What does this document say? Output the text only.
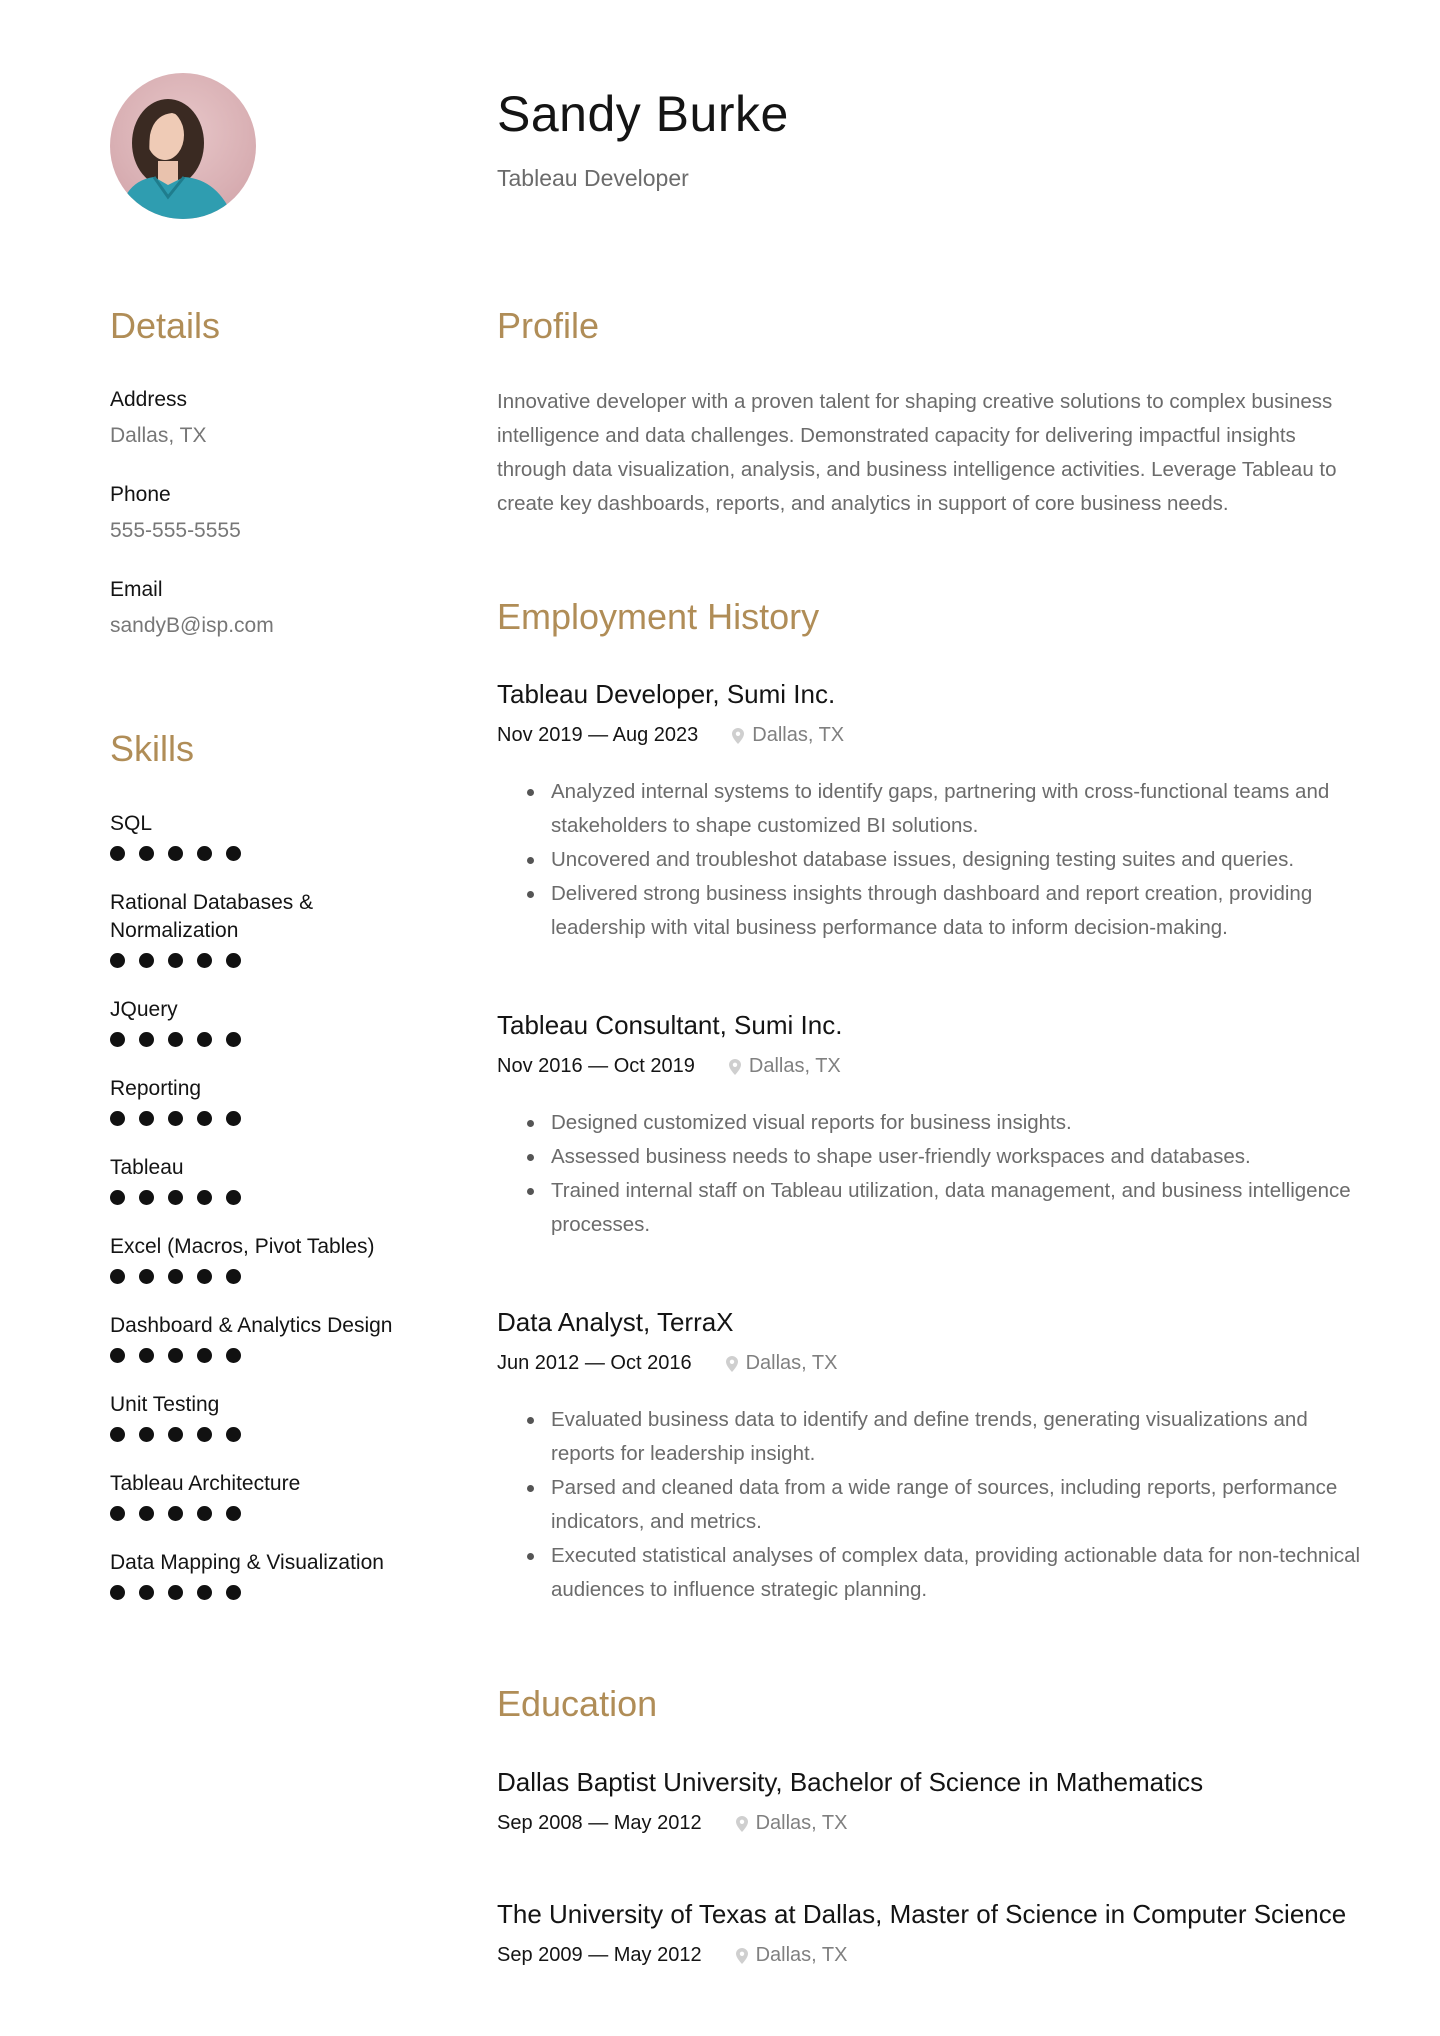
Sandy Burke
Tableau Developer
Details
Address
Dallas, TX
Phone
555-555-5555
Email
sandyB@isp.com
Skills
SQL
Rational Databases & Normalization
JQuery
Reporting
Tableau
Excel (Macros, Pivot Tables)
Dashboard & Analytics Design
Unit Testing
Tableau Architecture
Data Mapping & Visualization
Profile

Innovative developer with a proven talent for shaping creative solutions to complex business intelligence and data challenges. Demonstrated capacity for delivering impactful insights through data visualization, analysis, and business intelligence activities. Leverage Tableau to create key dashboards, reports, and analytics in support of core business needs.

Employment History
Tableau Developer, Sumi Inc.
Nov 2019 — Aug 2023	Dallas, TX
Analyzed internal systems to identify gaps, partnering with cross-functional teams and stakeholders to shape customized BI solutions.
Uncovered and troubleshot database issues, designing testing suites and queries.
Delivered strong business insights through dashboard and report creation, providing leadership with vital business performance data to inform decision-making.
Tableau Consultant, Sumi Inc.
Nov 2016 — Oct 2019	Dallas, TX
Designed customized visual reports for business insights.
Assessed business needs to shape user-friendly workspaces and databases.
Trained internal staff on Tableau utilization, data management, and business intelligence processes.
Data Analyst, TerraX
Jun 2012 — Oct 2016	Dallas, TX
Evaluated business data to identify and define trends, generating visualizations and reports for leadership insight.
Parsed and cleaned data from a wide range of sources, including reports, performance indicators, and metrics.
Executed statistical analyses of complex data, providing actionable data for non-technical audiences to influence strategic planning.
Education
Dallas Baptist University, Bachelor of Science in Mathematics
Sep 2008 — May 2012	Dallas, TX
The University of Texas at Dallas, Master of Science in Computer Science
Sep 2009 — May 2012	Dallas, TX
